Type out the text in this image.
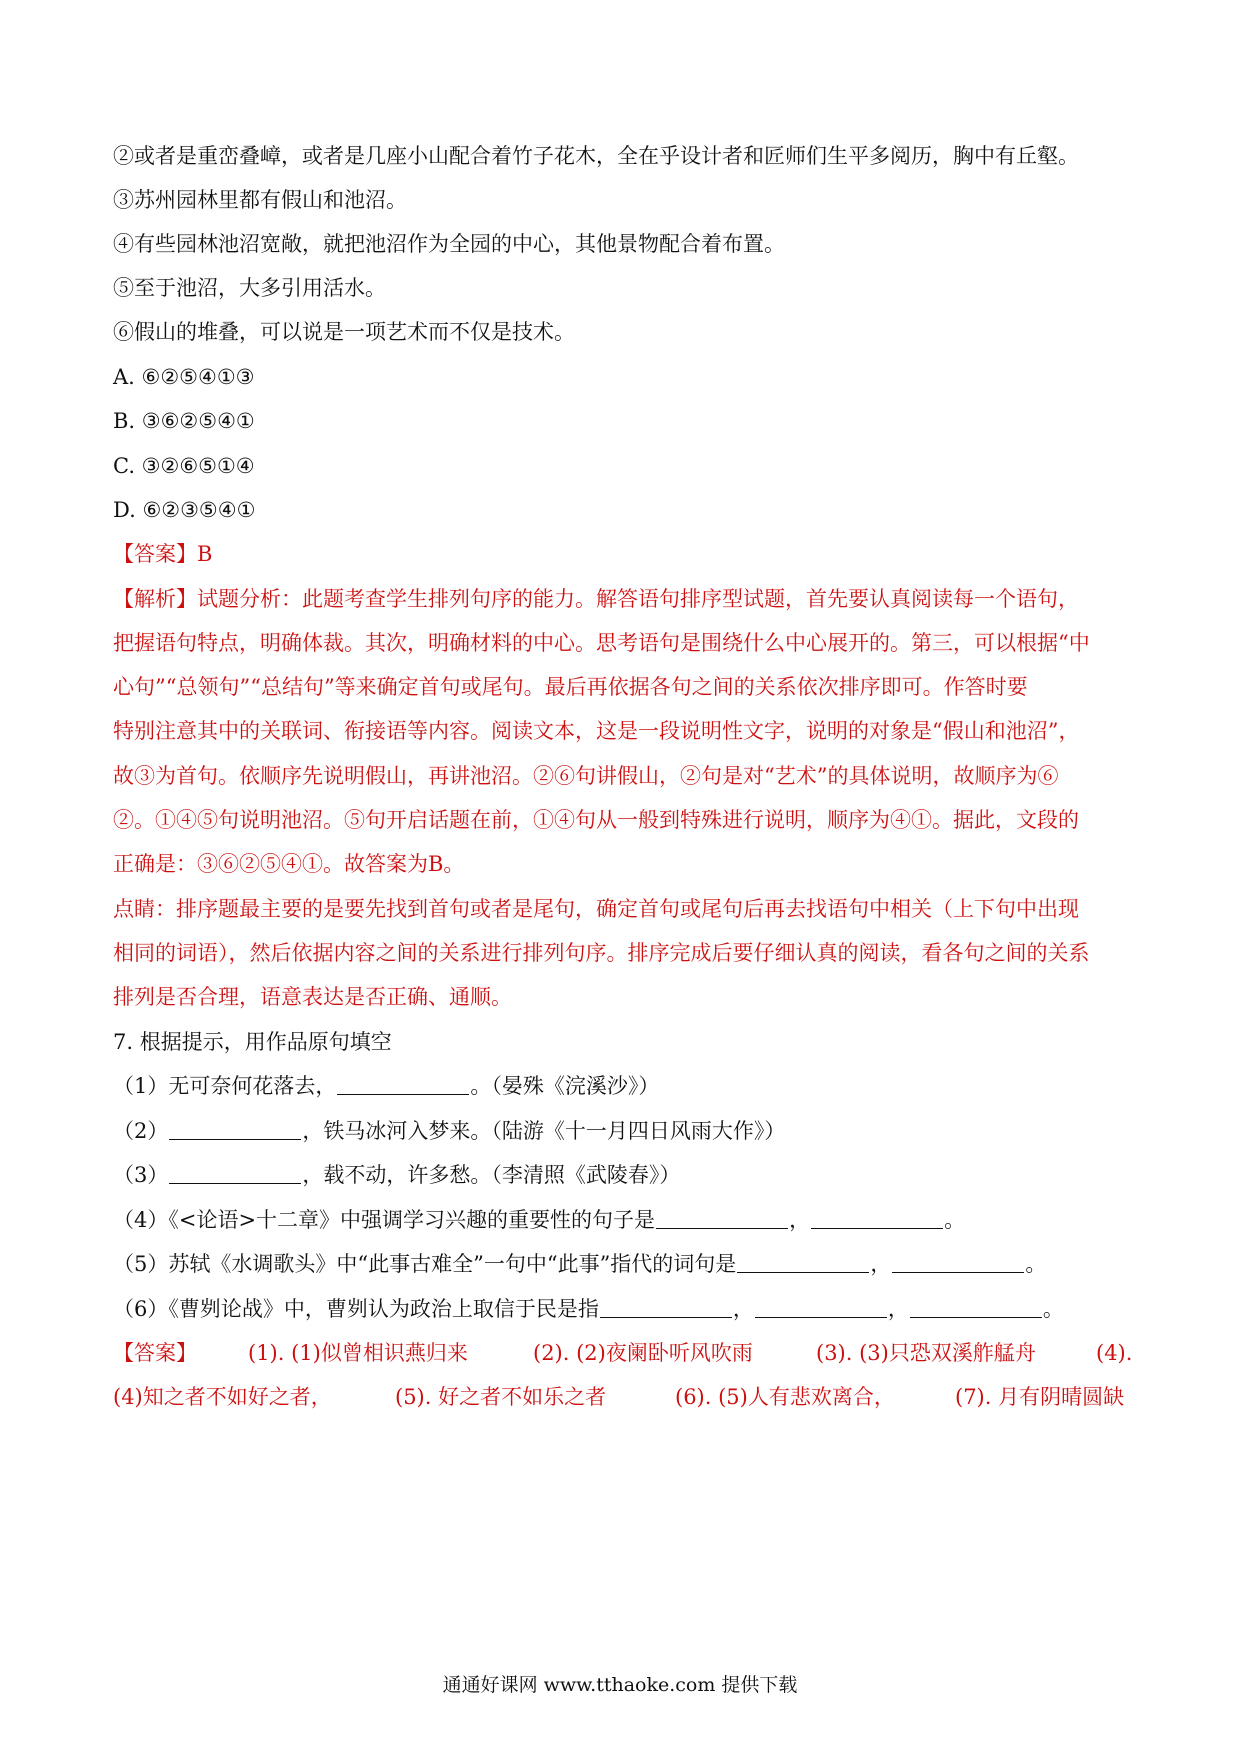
②或者是重峦叠嶂，或者是几座小山配合着竹子花木，全在乎设计者和匠师们生平多阅历，胸中有丘壑。
③苏州园林里都有假山和池沼。
④有些园林池沼宽敞，就把池沼作为全园的中心，其他景物配合着布置。
⑤至于池沼，大多引用活水。
⑥假山的堆叠，可以说是一项艺术而不仅是技术。
A. ⑥②⑤④①③
B. ③⑥②⑤④①
C. ③②⑥⑤①④
D. ⑥②③⑤④①
【答案】B
【解析】试题分析：此题考查学生排列句序的能力。解答语句排序型试题，首先要认真阅读每一个语句，
把握语句特点，明确体裁。其次，明确材料的中心。思考语句是围绕什么中心展开的。第三，可以根据“中
心句”“总领句”“总结句”等来确定首句或尾句。最后再依据各句之间的关系依次排序即可。作答时要
特别注意其中的关联词、衔接语等内容。阅读文本，这是一段说明性文字，说明的对象是“假山和池沼”，
故③为首句。依顺序先说明假山，再讲池沼。②⑥句讲假山，②句是对“艺术”的具体说明，故顺序为⑥
②。①④⑤句说明池沼。⑤句开启话题在前，①④句从一般到特殊进行说明，顺序为④①。据此，文段的
正确是：③⑥②⑤④①。故答案为B。
点睛：排序题最主要的是要先找到首句或者是尾句，确定首句或尾句后再去找语句中相关（上下句中出现
相同的词语），然后依据内容之间的关系进行排列句序。排序完成后要仔细认真的阅读，看各句之间的关系
排列是否合理，语意表达是否正确、通顺。
7. 根据提示，用作品原句填空
（1）无可奈何花落去，	。（晏殊《浣溪沙》）
（2）	，铁马冰河入梦来。（陆游《十一月四日风雨大作》）
（3）	，载不动，许多愁。（李清照《武陵春》）
（4）《<论语>十二章》中强调学习兴趣的重要性的句子是	，	。
（5）苏轼《水调歌头》中“此事古难全”一句中“此事”指代的词句是	，	。
（6）《曹刿论战》中，曹刿认为政治上取信于民是指	，	，	。
【答案】 (1). (1)似曾相识燕归来	(2). (2)夜阑卧听风吹雨	(3). (3)只恐双溪舴艋舟	(4).
(4)知之者不如好之者，	(5). 好之者不如乐之者	(6). (5)人有悲欢离合，	(7). 月有阴晴圆缺
通通好课网 www.tthaoke.com 提供下载
